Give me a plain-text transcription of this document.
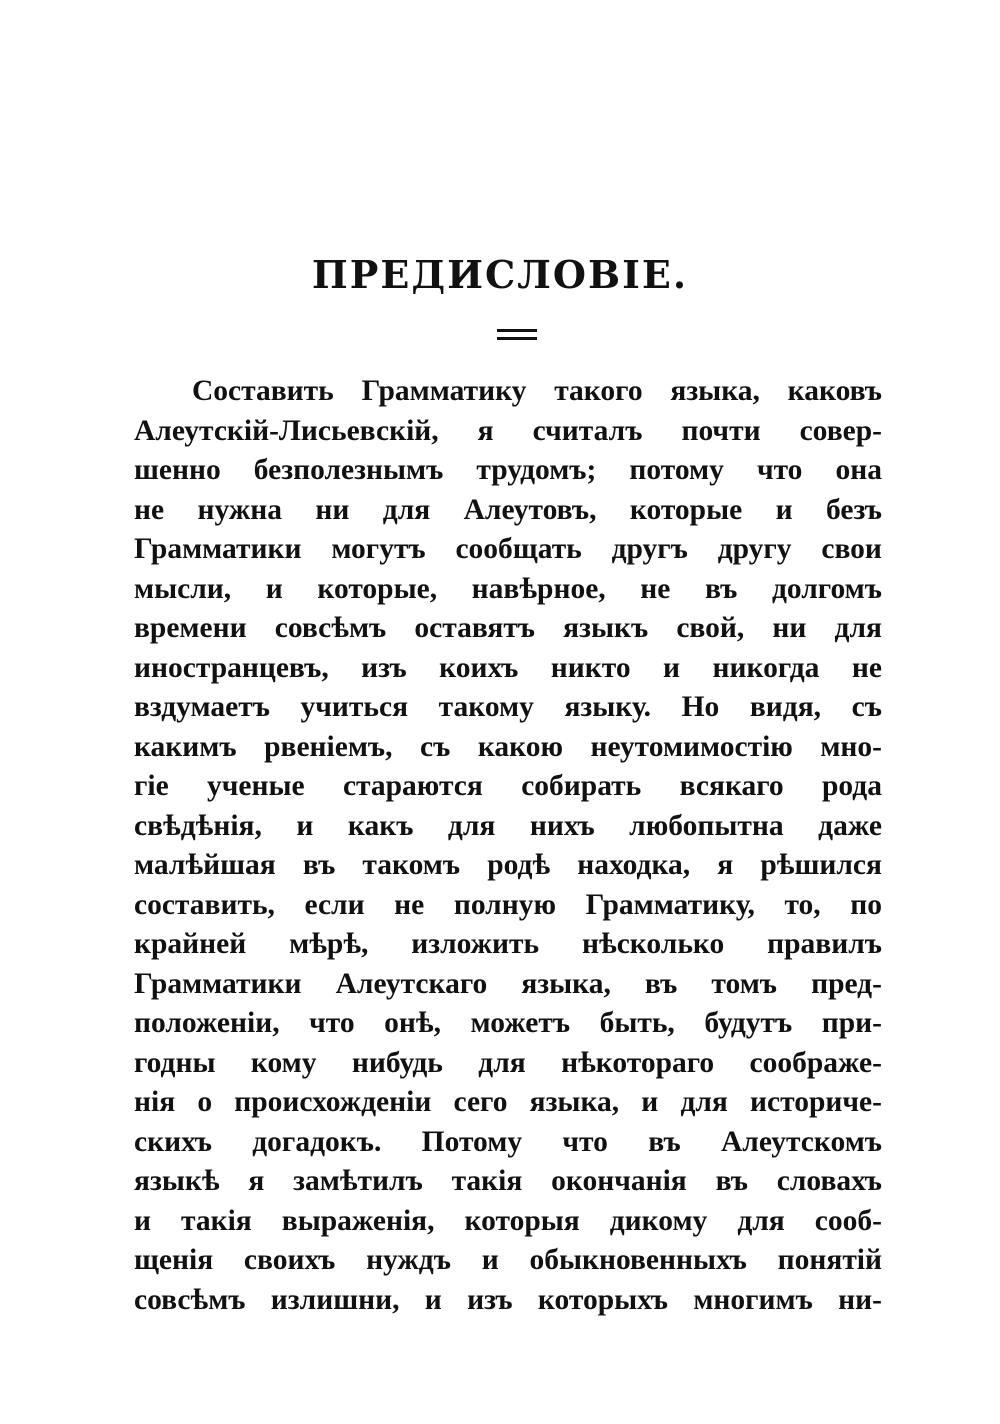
ПРЕДИСЛОВІЕ.
Составить Грамматику такого языка, каковъ
Алеутскій-Лисьевскій, я считалъ почти совер-
шенно безполезнымъ трудомъ; потому что она
не нужна ни для Алеутовъ, которые и безъ
Грамматики могутъ сообщать другъ другу свои
мысли, и которые, навѣрное, не въ долгомъ
времени совсѣмъ оставятъ языкъ свой, ни для
иностранцевъ, изъ коихъ никто и никогда не
вздумаетъ учиться такому языку. Но видя, съ
какимъ рвеніемъ, съ какою неутомимостію мно-
гіе ученые стараются собирать всякаго рода
свѣдѣнія, и какъ для нихъ любопытна даже
малѣйшая въ такомъ родѣ находка, я рѣшился
составить, если не полную Грамматику, то, по
крайней мѣрѣ, изложить нѣсколько правилъ
Грамматики Алеутскаго языка, въ томъ пред-
положеніи, что онѣ, можетъ быть, будутъ при-
годны кому нибудь для нѣкотораго соображе-
нія о происхожденіи сего языка, и для историче-
скихъ догадокъ. Потому что въ Алеутскомъ
языкѣ я замѣтилъ такія окончанія въ словахъ
и такія выраженія, которыя дикому для сооб-
щенія своихъ нуждъ и обыкновенныхъ понятій
совсѣмъ излишни, и изъ которыхъ многимъ ни-
